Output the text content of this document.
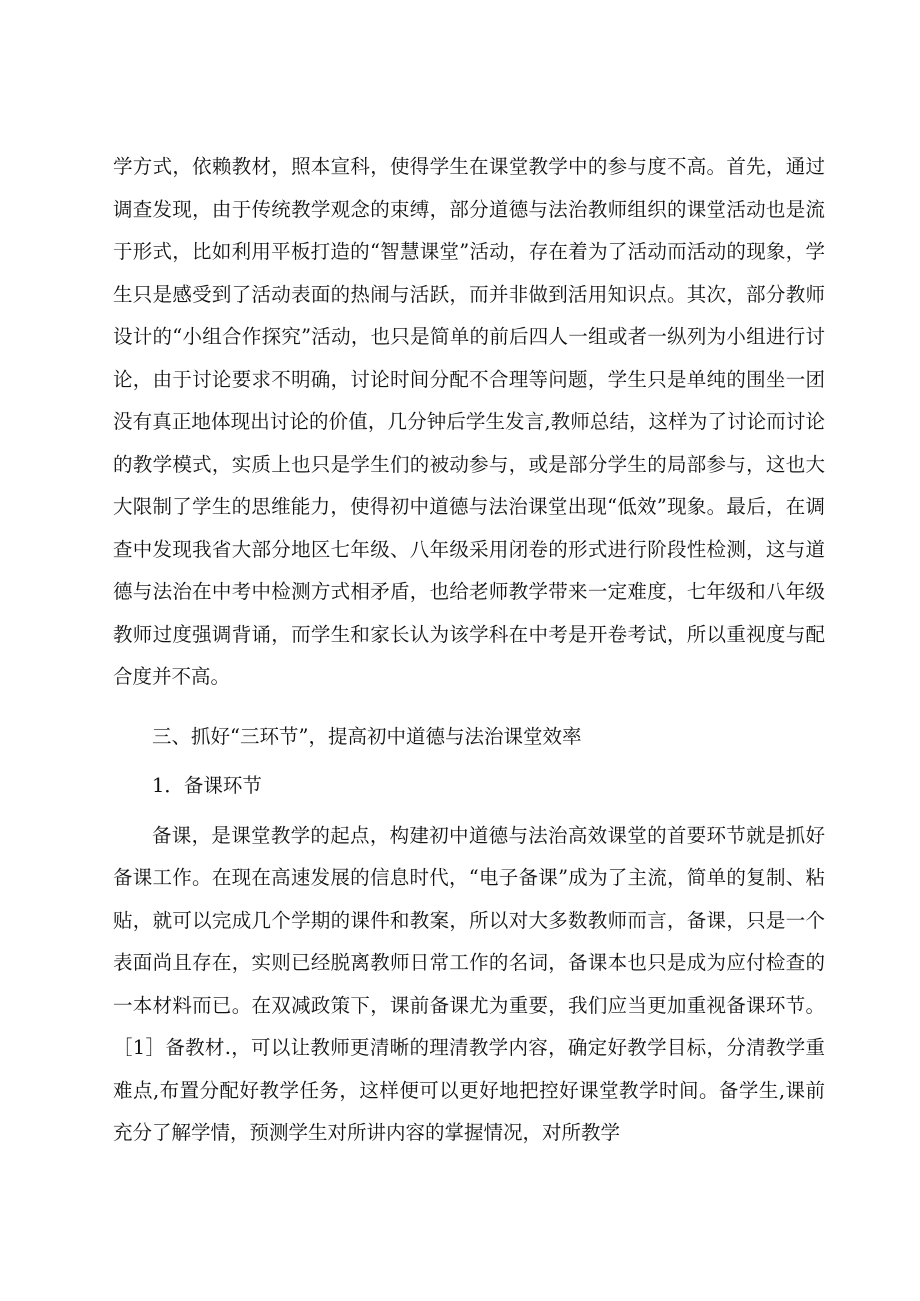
学方式，依赖教材，照本宣科，使得学生在课堂教学中的参与度不高。首先，通过调查发现，由于传统教学观念的束缚，部分道德与法治教师组织的课堂活动也是流于形式，比如利用平板打造的“智慧课堂”活动，存在着为了活动而活动的现象，学生只是感受到了活动表面的热闹与活跃，而并非做到活用知识点。其次，部分教师设计的“小组合作探究”活动，也只是简单的前后四人一组或者一纵列为小组进行讨论，由于讨论要求不明确，讨论时间分配不合理等问题，学生只是单纯的围坐一团没有真正地体现出讨论的价值，几分钟后学生发言,教师总结，这样为了讨论而讨论的教学模式，实质上也只是学生们的被动参与，或是部分学生的局部参与，这也大大限制了学生的思维能力，使得初中道德与法治课堂出现“低效”现象。最后，在调查中发现我省大部分地区七年级、八年级采用闭卷的形式进行阶段性检测，这与道德与法治在中考中检测方式相矛盾，也给老师教学带来一定难度，七年级和八年级教师过度强调背诵，而学生和家长认为该学科在中考是开卷考试，所以重视度与配合度并不高。

三、抓好“三环节”，提高初中道德与法治课堂效率

1．备课环节

备课，是课堂教学的起点，构建初中道德与法治高效课堂的首要环节就是抓好备课工作。在现在高速发展的信息时代，“电子备课”成为了主流，简单的复制、粘贴，就可以完成几个学期的课件和教案，所以对大多数教师而言，备课，只是一个表面尚且存在，实则已经脱离教师日常工作的名词，备课本也只是成为应付检查的一本材料而已。在双减政策下，课前备课尤为重要，我们应当更加重视备课环节。［1］备教材.，可以让教师更清晰的理清教学内容，确定好教学目标，分清教学重难点,布置分配好教学任务，这样便可以更好地把控好课堂教学时间。备学生,课前充分了解学情，预测学生对所讲内容的掌握情况，对所教学
